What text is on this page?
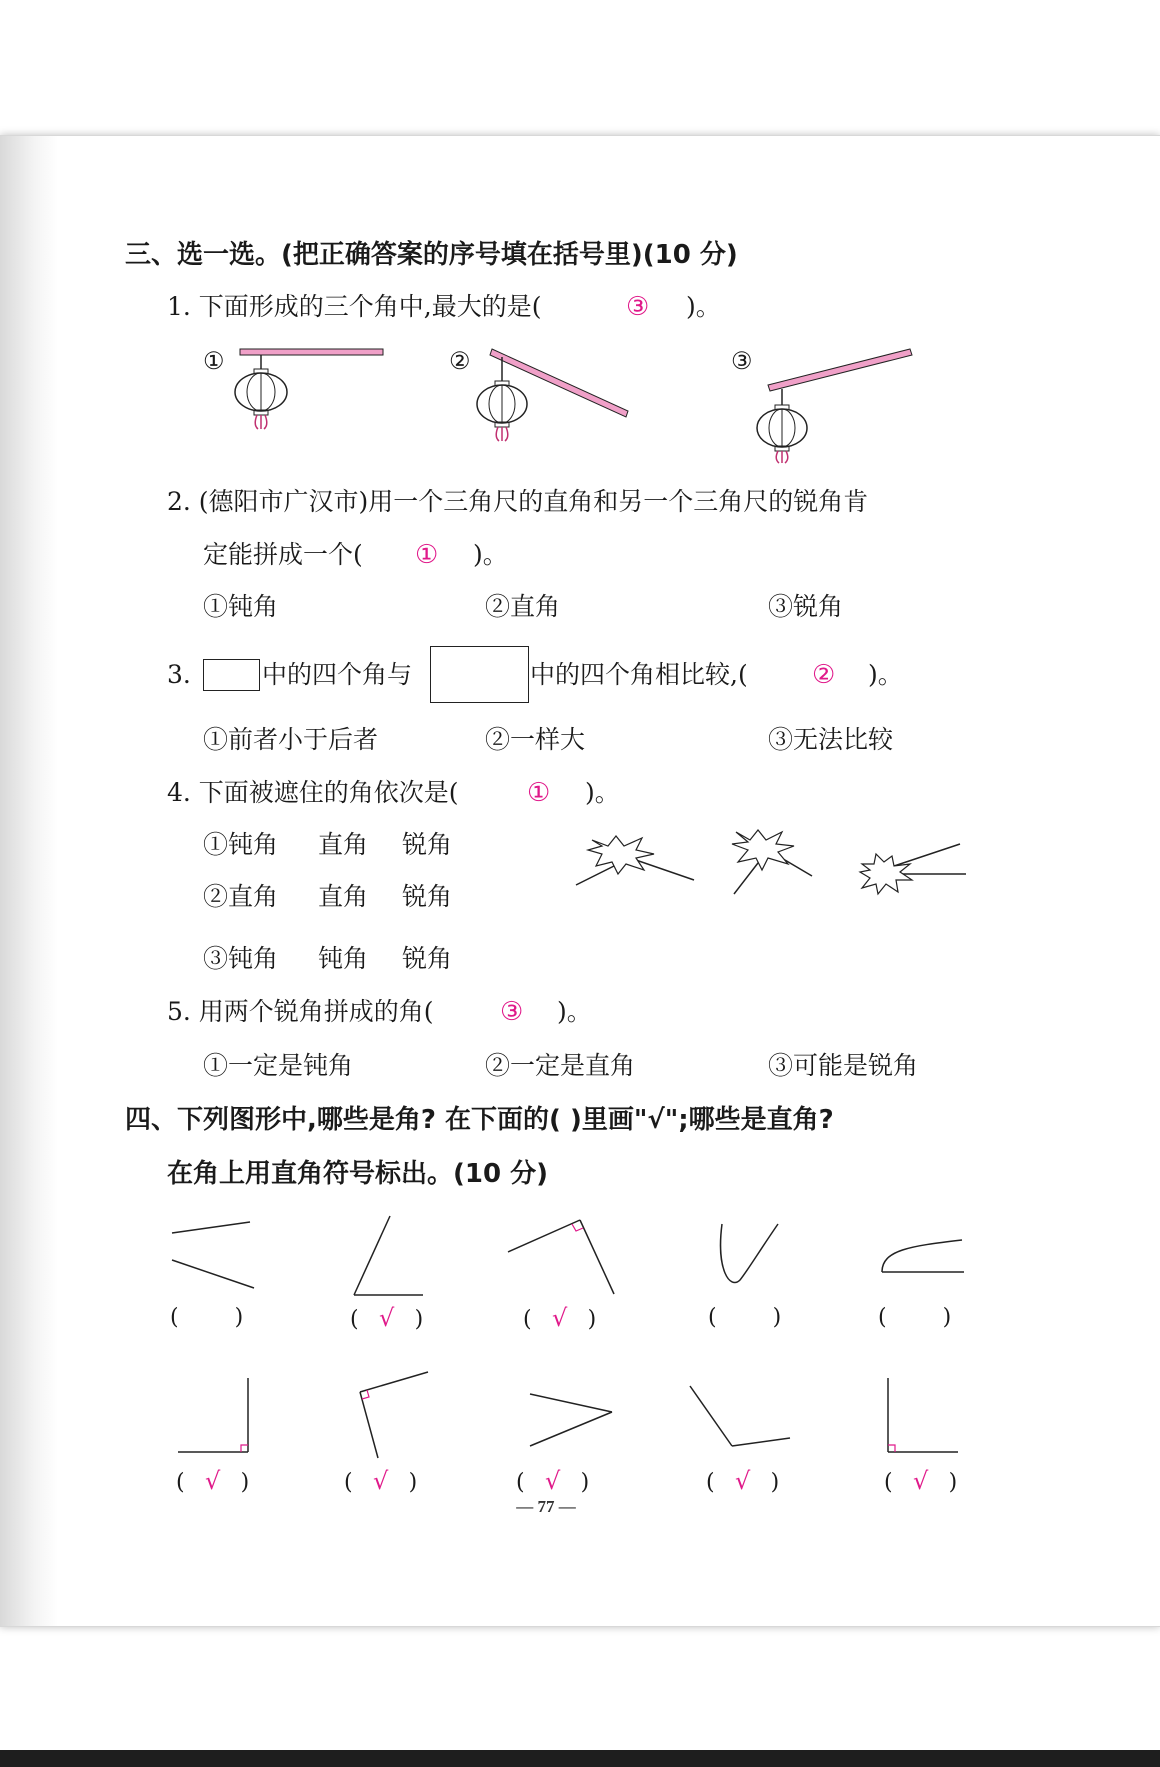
三、选一选。(把正确答案的序号填在括号里)(10 分)
1. 下面形成的三个角中,最大的是(	③ )。
①	②	③
2. (德阳市广汉市)用一个三角尺的直角和另一个三角尺的锐角肯
定能拼成一个( ① )。
①钝角	②直角	③锐角
3.	中的四个角与	中的四个角相比较,( ② )。
①前者小于后者	②一样大	③无法比较
4. 下面被遮住的角依次是(	① )。
①钝角 直角 锐角
②直角 直角 锐角
③钝角 钝角 锐角
5. 用两个锐角拼成的角(	③ )。
①一定是钝角	②一定是直角	③可能是锐角
四、下列图形中,哪些是角? 在下面的( )里画"√";哪些是直角?
在角上用直角符号标出。(10 分)
(	)	( √ )	( √ )	(	)	(	)
( √ )	( √ )	( √ )	( √ )	( √ )
— 77 —
